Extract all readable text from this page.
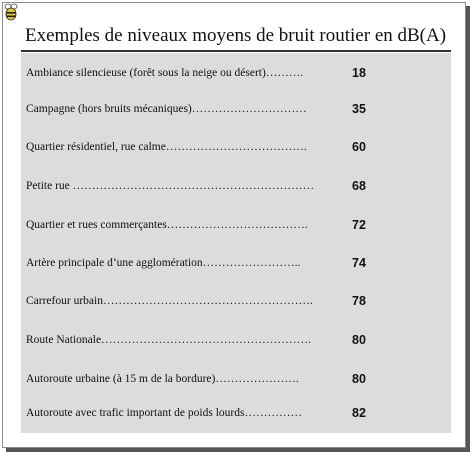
Exemples de niveaux moyens de bruit routier en dB(A)
Ambiance silencieuse (forêt sous la neige ou désert)……….	18
Campagne (hors bruits mécaniques)…………………………	35
Quartier résidentiel, rue calme……………………………….	60
Petite rue ………………………………………………………	68
Quartier et rues commerçantes……………………………….	72
Artère principale d’une agglomération……………………..	74
Carrefour urbain……………………………………………….	78
Route Nationale……………………………………………….	80
Autoroute urbaine (à 15 m de la bordure)………………….	80
Autoroute avec trafic important de poids lourds……………	82
